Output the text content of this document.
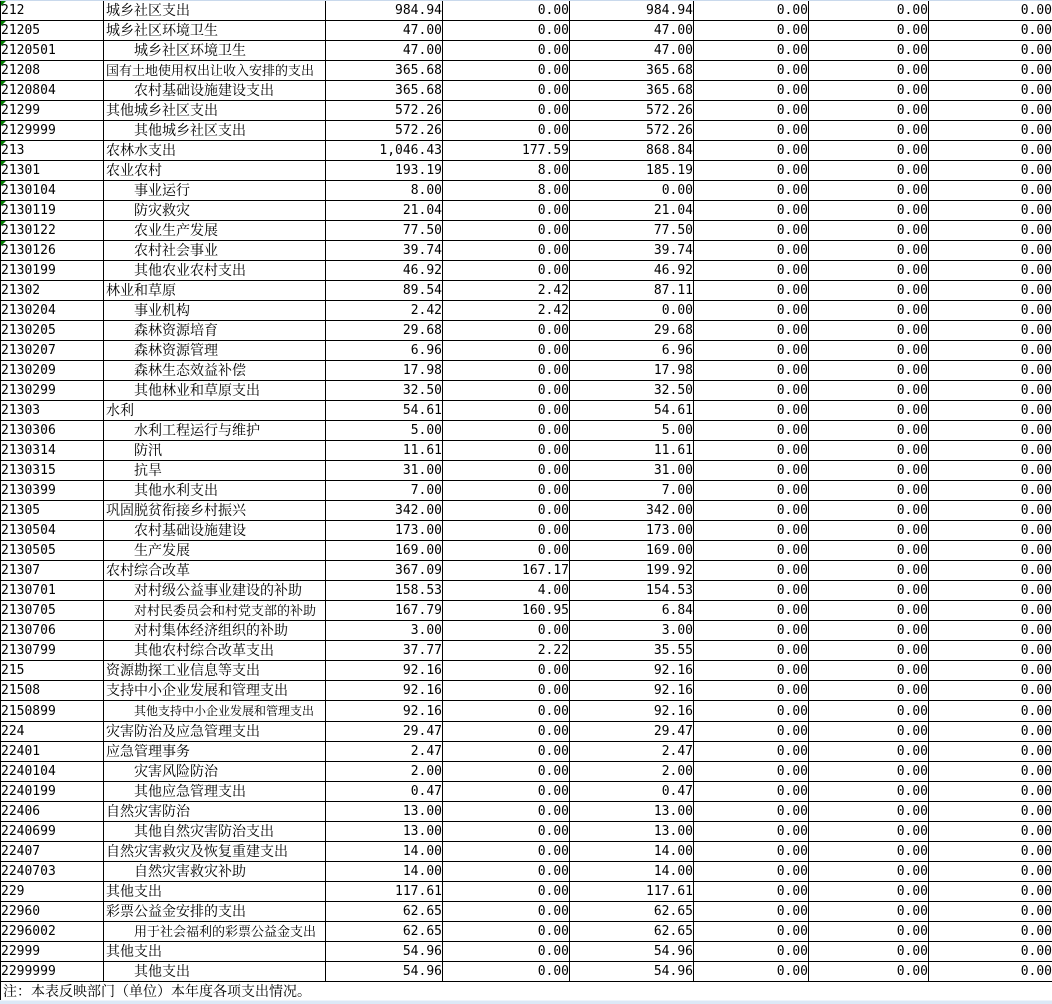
212	城乡社区支出	984.94	0.00	984.94	0.00	0.00	0.00

21205	城乡社区环境卫生	47.00	0.00	47.00	0.00	0.00	0.00

2120501	城乡社区环境卫生	47.00	0.00	47.00	0.00	0.00	0.00

21208	国有土地使用权出让收入安排的支出	365.68	0.00	365.68	0.00	0.00	0.00

2120804	农村基础设施建设支出	365.68	0.00	365.68	0.00	0.00	0.00

21299	其他城乡社区支出	572.26	0.00	572.26	0.00	0.00	0.00

2129999	其他城乡社区支出	572.26	0.00	572.26	0.00	0.00	0.00

213	农林水支出	1,046.43	177.59	868.84	0.00	0.00	0.00

21301	农业农村	193.19	8.00	185.19	0.00	0.00	0.00

2130104	事业运行	8.00	8.00	0.00	0.00	0.00	0.00

2130119	防灾救灾	21.04	0.00	21.04	0.00	0.00	0.00

2130122	农业生产发展	77.50	0.00	77.50	0.00	0.00	0.00

2130126	农村社会事业	39.74	0.00	39.74	0.00	0.00	0.00
2130199	其他农业农村支出	46.92	0.00	46.92	0.00	0.00	0.00
21302	林业和草原	89.54	2.42	87.11	0.00	0.00	0.00
2130204	事业机构	2.42	2.42	0.00	0.00	0.00	0.00
2130205	森林资源培育	29.68	0.00	29.68	0.00	0.00	0.00
2130207	森林资源管理	6.96	0.00	6.96	0.00	0.00	0.00
2130209	森林生态效益补偿	17.98	0.00	17.98	0.00	0.00	0.00
2130299	其他林业和草原支出	32.50	0.00	32.50	0.00	0.00	0.00
21303	水利	54.61	0.00	54.61	0.00	0.00	0.00
2130306	水利工程运行与维护	5.00	0.00	5.00	0.00	0.00	0.00
2130314	防汛	11.61	0.00	11.61	0.00	0.00	0.00
2130315	抗旱	31.00	0.00	31.00	0.00	0.00	0.00
2130399	其他水利支出	7.00	0.00	7.00	0.00	0.00	0.00
21305	巩固脱贫衔接乡村振兴	342.00	0.00	342.00	0.00	0.00	0.00
2130504	农村基础设施建设	173.00	0.00	173.00	0.00	0.00	0.00
2130505	生产发展	169.00	0.00	169.00	0.00	0.00	0.00
21307	农村综合改革	367.09	167.17	199.92	0.00	0.00	0.00
2130701	对村级公益事业建设的补助	158.53	4.00	154.53	0.00	0.00	0.00
2130705	对村民委员会和村党支部的补助	167.79	160.95	6.84	0.00	0.00	0.00
2130706	对村集体经济组织的补助	3.00	0.00	3.00	0.00	0.00	0.00
2130799	其他农村综合改革支出	37.77	2.22	35.55	0.00	0.00	0.00
215	资源勘探工业信息等支出	92.16	0.00	92.16	0.00	0.00	0.00
21508	支持中小企业发展和管理支出	92.16	0.00	92.16	0.00	0.00	0.00
2150899	其他支持中小企业发展和管理支出	92.16	0.00	92.16	0.00	0.00	0.00
224	灾害防治及应急管理支出	29.47	0.00	29.47	0.00	0.00	0.00
22401	应急管理事务	2.47	0.00	2.47	0.00	0.00	0.00
2240104	灾害风险防治	2.00	0.00	2.00	0.00	0.00	0.00
2240199	其他应急管理支出	0.47	0.00	0.47	0.00	0.00	0.00
22406	自然灾害防治	13.00	0.00	13.00	0.00	0.00	0.00
2240699	其他自然灾害防治支出	13.00	0.00	13.00	0.00	0.00	0.00
22407	自然灾害救灾及恢复重建支出	14.00	0.00	14.00	0.00	0.00	0.00
2240703	自然灾害救灾补助	14.00	0.00	14.00	0.00	0.00	0.00
229	其他支出	117.61	0.00	117.61	0.00	0.00	0.00
22960	彩票公益金安排的支出	62.65	0.00	62.65	0.00	0.00	0.00
2296002	用于社会福利的彩票公益金支出	62.65	0.00	62.65	0.00	0.00	0.00
22999	其他支出	54.96	0.00	54.96	0.00	0.00	0.00
2299999	其他支出	54.96	0.00	54.96	0.00	0.00	0.00
注：本表反映部门（单位）本年度各项支出情况。							
